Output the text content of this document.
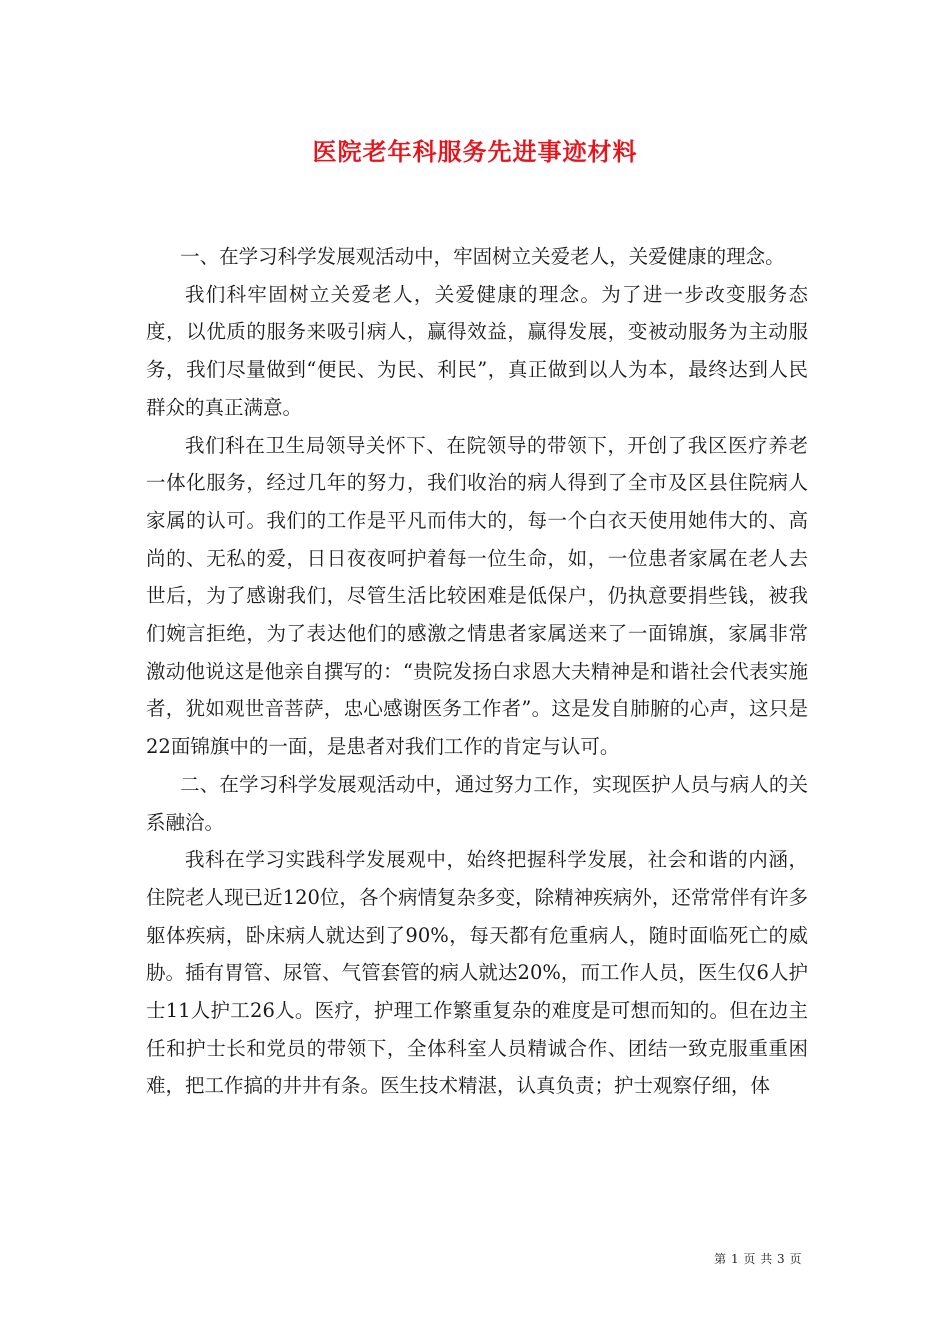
医院老年科服务先进事迹材料

一、在学习科学发展观活动中，牢固树立关爱老人，关爱健康的理念。

我们科牢固树立关爱老人，关爱健康的理念。为了进一步改变服务态度，以优质的服务来吸引病人，赢得效益，赢得发展，变被动服务为主动服务，我们尽量做到“便民、为民、利民”，真正做到以人为本，最终达到人民群众的真正满意。

我们科在卫生局领导关怀下、在院领导的带领下，开创了我区医疗养老一体化服务，经过几年的努力，我们收治的病人得到了全市及区县住院病人家属的认可。我们的工作是平凡而伟大的，每一个白衣天使用她伟大的、高尚的、无私的爱，日日夜夜呵护着每一位生命，如，一位患者家属在老人去世后，为了感谢我们，尽管生活比较困难是低保户，仍执意要捐些钱，被我们婉言拒绝，为了表达他们的感激之情患者家属送来了一面锦旗，家属非常激动他说这是他亲自撰写的：“贵院发扬白求恩大夫精神是和谐社会代表实施者，犹如观世音菩萨，忠心感谢医务工作者”。这是发自肺腑的心声，这只是22面锦旗中的一面，是患者对我们工作的肯定与认可。

二、在学习科学发展观活动中，通过努力工作，实现医护人员与病人的关系融洽。

我科在学习实践科学发展观中，始终把握科学发展，社会和谐的内涵，住院老人现已近120位，各个病情复杂多变，除精神疾病外，还常常伴有许多躯体疾病，卧床病人就达到了90%，每天都有危重病人，随时面临死亡的威胁。插有胃管、尿管、气管套管的病人就达20%，而工作人员，医生仅6人护士11人护工26人。医疗，护理工作繁重复杂的难度是可想而知的。但在边主任和护士长和党员的带领下，全体科室人员精诚合作、团结一致克服重重困难，把工作搞的井井有条。医生技术精湛，认真负责；护士观察仔细，体

第 1 页 共 3 页
